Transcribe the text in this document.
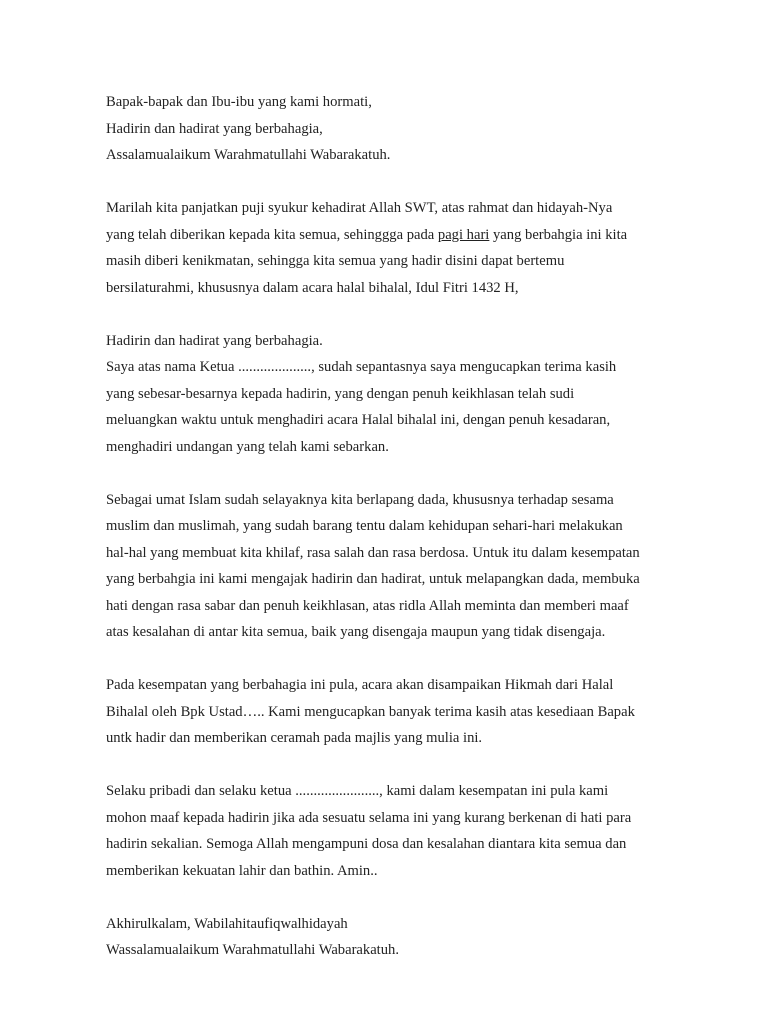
Bapak-bapak dan Ibu-ibu yang kami hormati,

Hadirin dan hadirat yang berbahagia,

Assalamualaikum Warahmatullahi Wabarakatuh.

Marilah kita panjatkan puji syukur kehadirat Allah SWT, atas rahmat dan hidayah-Nya

yang telah diberikan kepada kita semua, sehinggga pada pagi hari yang berbahgia ini kita

masih diberi kenikmatan, sehingga kita semua yang hadir disini dapat bertemu

bersilaturahmi, khususnya dalam acara halal bihalal, Idul Fitri 1432 H,

Hadirin dan hadirat yang berbahagia.

Saya atas nama Ketua ...................., sudah sepantasnya saya mengucapkan terima kasih

yang sebesar-besarnya kepada hadirin, yang dengan penuh keikhlasan telah sudi

meluangkan waktu untuk menghadiri acara Halal bihalal ini, dengan penuh kesadaran,

menghadiri undangan yang telah kami sebarkan.

Sebagai umat Islam sudah selayaknya kita berlapang dada, khususnya terhadap sesama

muslim dan muslimah, yang sudah barang tentu dalam kehidupan sehari-hari melakukan

hal-hal yang membuat kita khilaf, rasa salah dan rasa berdosa. Untuk itu dalam kesempatan

yang berbahgia ini kami mengajak hadirin dan hadirat, untuk melapangkan dada, membuka

hati dengan rasa sabar dan penuh keikhlasan, atas ridla Allah meminta dan memberi maaf

atas kesalahan di antar kita semua, baik yang disengaja maupun yang tidak disengaja.

Pada kesempatan yang berbahagia ini pula, acara akan disampaikan Hikmah dari Halal

Bihalal oleh Bpk Ustad….. Kami mengucapkan banyak terima kasih atas kesediaan Bapak

untk hadir dan memberikan ceramah pada majlis yang mulia ini.

Selaku pribadi dan selaku ketua ......................., kami dalam kesempatan ini pula kami

mohon maaf kepada hadirin jika ada sesuatu selama ini yang kurang berkenan di hati para

hadirin sekalian. Semoga Allah mengampuni dosa dan kesalahan diantara kita semua dan

memberikan kekuatan lahir dan bathin. Amin..

Akhirulkalam, Wabilahitaufiqwalhidayah

Wassalamualaikum Warahmatullahi Wabarakatuh.
